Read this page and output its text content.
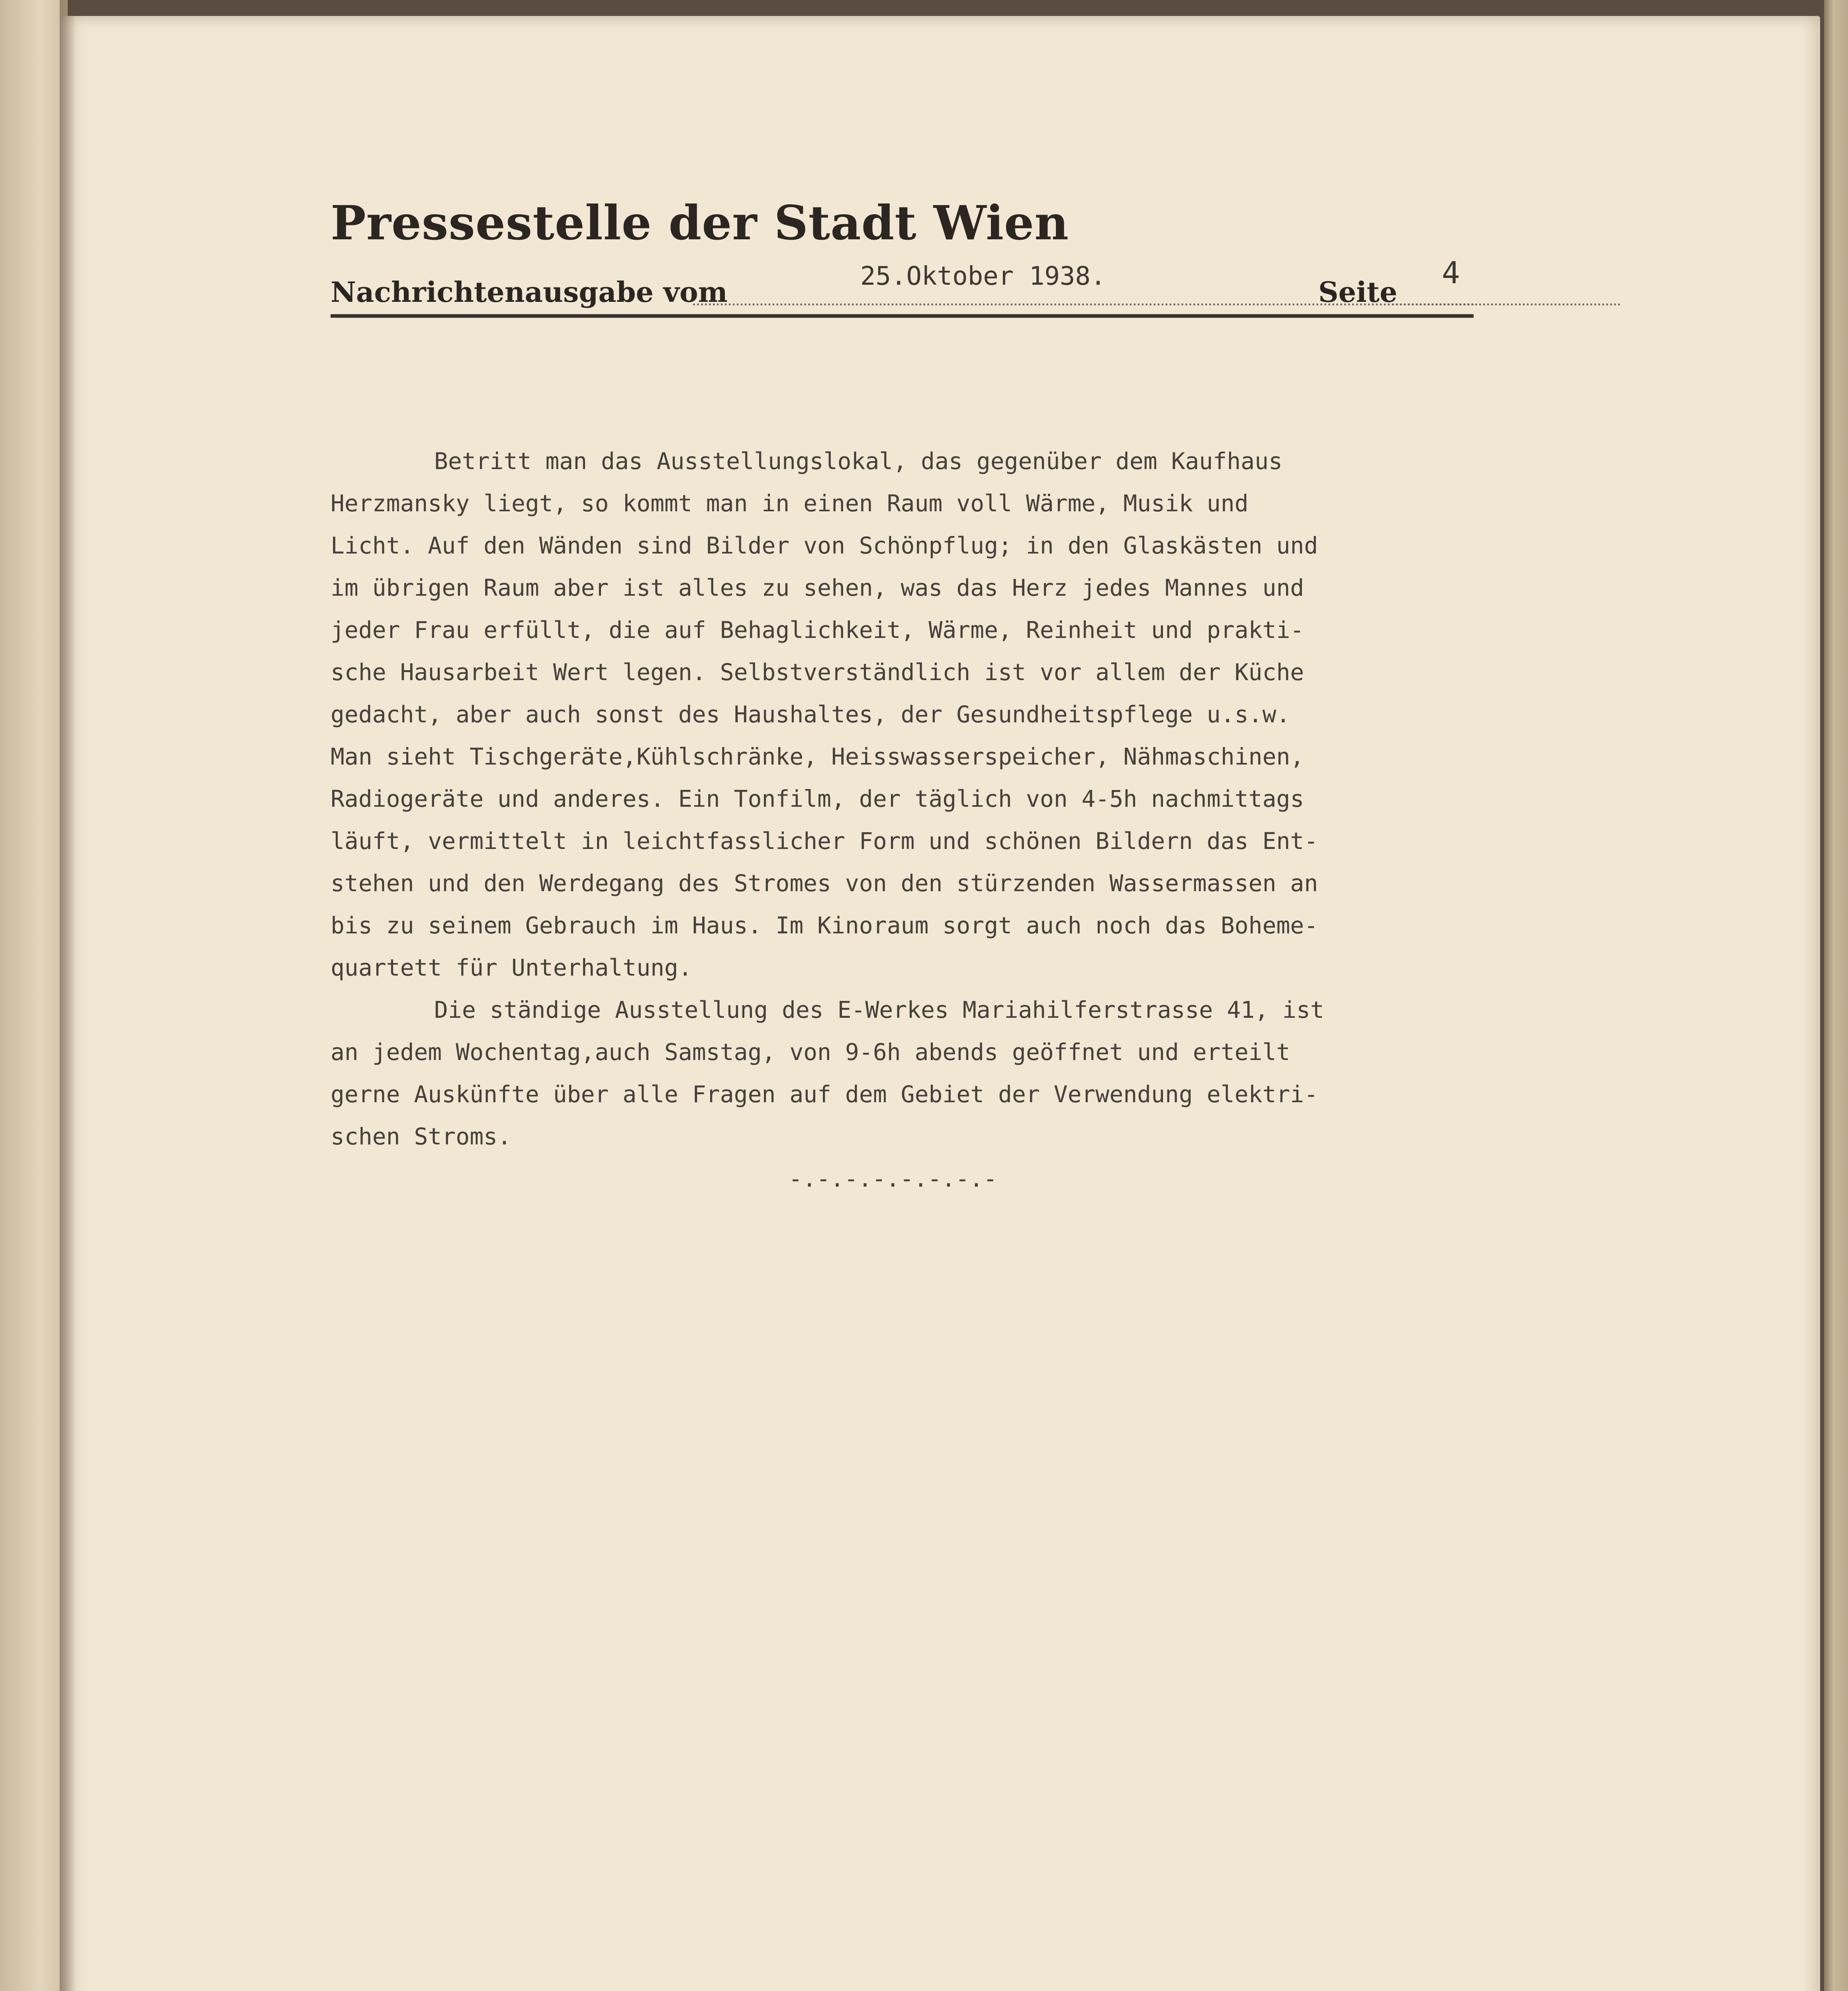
Pressestelle der Stadt Wien
Nachrichtenausgabe vom	25.Oktober 1938.	Seite
4
Betritt man das Ausstellungslokal, das gegenüber dem Kaufhaus
Herzmansky liegt, so kommt man in einen Raum voll Wärme, Musik und
Licht. Auf den Wänden sind Bilder von Schönpflug; in den Glaskästen und
im übrigen Raum aber ist alles zu sehen, was das Herz jedes Mannes und
jeder Frau erfüllt, die auf Behaglichkeit, Wärme, Reinheit und prakti-
sche Hausarbeit Wert legen. Selbstverständlich ist vor allem der Küche
gedacht, aber auch sonst des Haushaltes, der Gesundheitspflege u.s.w.
Man sieht Tischgeräte,Kühlschränke, Heisswasserspeicher, Nähmaschinen,
Radiogeräte und anderes. Ein Tonfilm, der täglich von 4-5h nachmittags
läuft, vermittelt in leichtfasslicher Form und schönen Bildern das Ent-
stehen und den Werdegang des Stromes von den stürzenden Wassermassen an
bis zu seinem Gebrauch im Haus. Im Kinoraum sorgt auch noch das Boheme-
quartett für Unterhaltung.
Die ständige Ausstellung des E-Werkes Mariahilferstrasse 41, ist
an jedem Wochentag,auch Samstag, von 9-6h abends geöffnet und erteilt
gerne Auskünfte über alle Fragen auf dem Gebiet der Verwendung elektri-
schen Stroms.
-.-.-.-.-.-.-.-
